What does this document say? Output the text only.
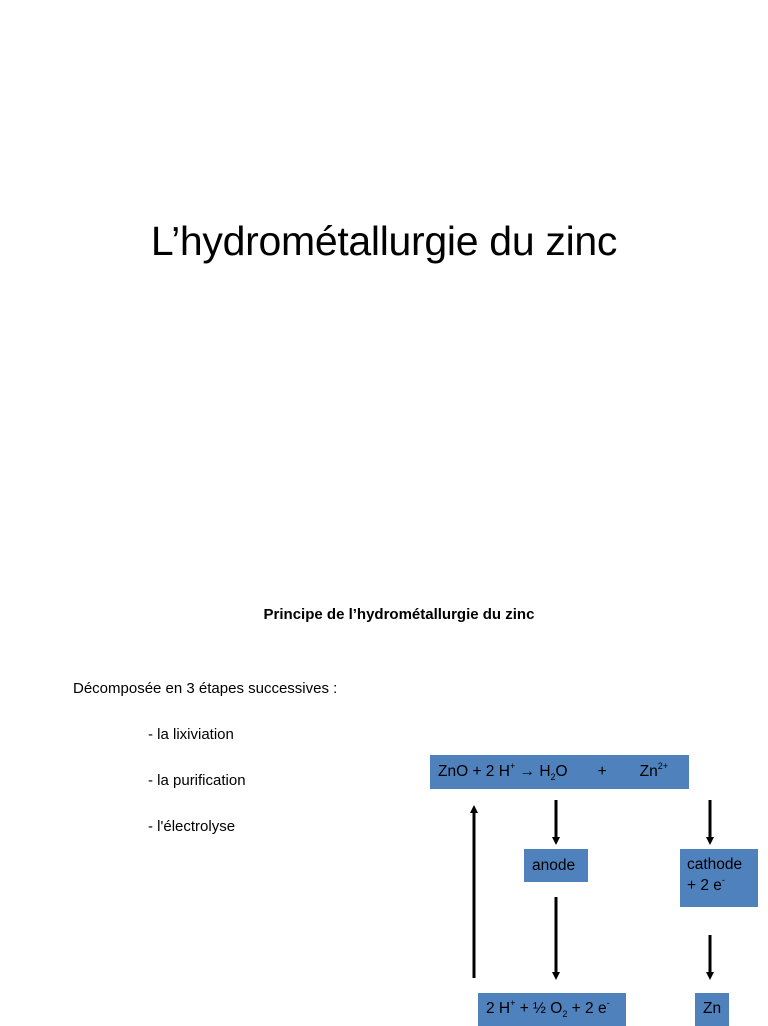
L’hydrométallurgie du zinc
Principe de l’hydrométallurgie du zinc
Décomposée en 3 étapes successives :
- la lixiviation
- la purification
- l'électrolyse
ZnO + 2 $H^+ \to H_2O + Zn^{2+}$
anode	cathode
+ 2 e-
2 H+ + ½ $O_2 + 2$ e-	Zn
